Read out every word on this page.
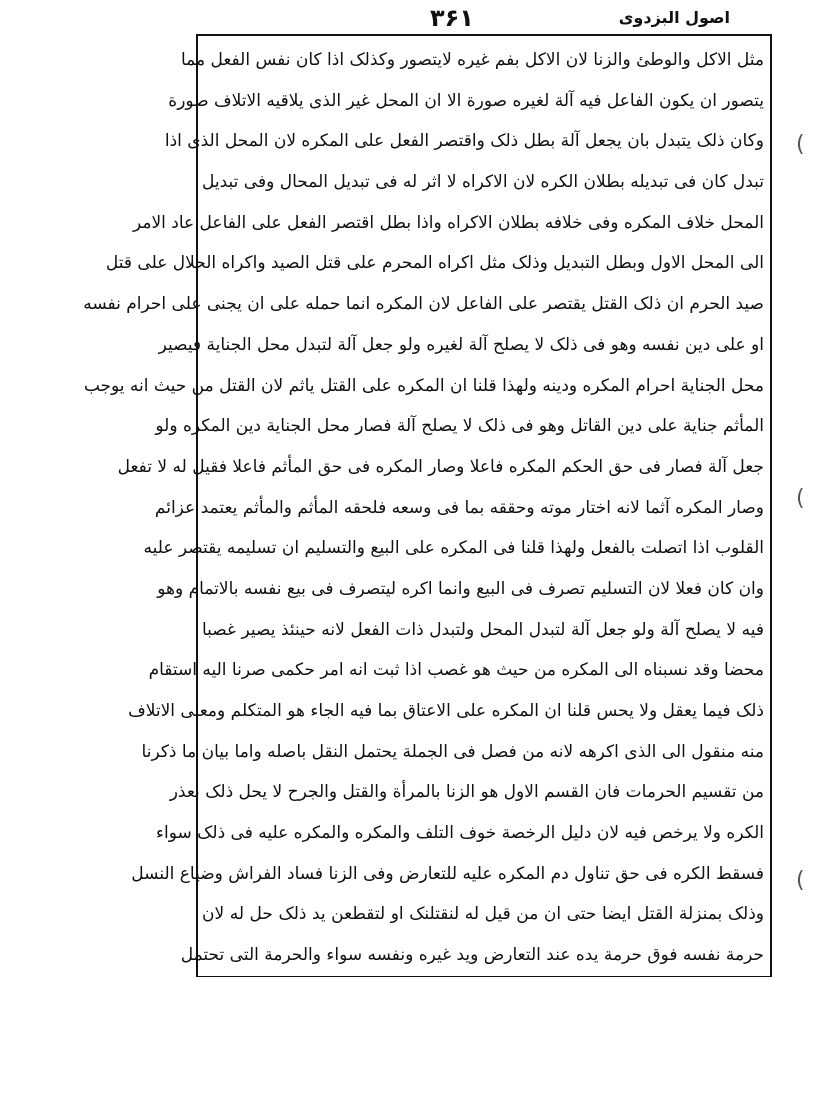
اصول البزدوی
۳۶۱
مثل الاکل والوطئ والزنا لان الاکل بفم غیره لایتصور وکذلک اذا کان نفس الفعل مما
یتصور ان یکون الفاعل فیه آلة لغیره صورة الا ان المحل غیر الذی یلاقیه الاتلاف صورة
وکان ذلک یتبدل بان یجعل آلة بطل ذلک واقتصر الفعل علی المکره لان المحل الذی اذا
تبدل کان فی تبدیله بطلان الکره لان الاکراه لا اثر له فی تبدیل المحال وفی تبدیل
المحل خلاف المکره وفی خلافه بطلان الاکراه واذا بطل اقتصر الفعل علی الفاعل عاد الامر
الی المحل الاول وبطل التبدیل وذلک مثل اکراه المحرم علی قتل الصید واکراه الحلال علی قتل
صید الحرم ان ذلک القتل یقتصر علی الفاعل لان المکره انما حمله علی ان یجنی علی احرام نفسه
او علی دین نفسه وهو فی ذلک لا یصلح آلة لغیره ولو جعل آلة لتبدل محل الجنایة فیصیر
محل الجنایة احرام المکره ودینه ولهذا قلنا ان المکره علی القتل یاثم لان القتل من حیث انه یوجب
المأثم جنایة علی دین القاتل وهو فی ذلک لا یصلح آلة فصار محل الجنایة دین المکره ولو
جعل آلة فصار فی حق الحکم المکره فاعلا وصار المکره فی حق المأثم فاعلا فقیل له لا تفعل
وصار المکره آثما لانه اختار موته وحققه بما فی وسعه فلحقه المأثم والمأثم یعتمد عزائم
القلوب اذا اتصلت بالفعل ولهذا قلنا فی المکره علی البیع والتسلیم ان تسلیمه یقتصر علیه
وان کان فعلا لان التسلیم تصرف فی البیع وانما اکره لیتصرف فی بیع نفسه بالاتمام وهو
فیه لا یصلح آلة ولو جعل آلة لتبدل المحل ولتبدل ذات الفعل لانه حینئذ یصیر غصبا
محضا وقد نسبناه الی المکره من حیث هو غصب اذا ثبت انه امر حکمی صرنا الیه استقام
ذلک فیما یعقل ولا یحس قلنا ان المکره علی الاعتاق بما فیه الجاء هو المتکلم ومعنی الاتلاف
منه منقول الی الذی اکرهه لانه من فصل فی الجملة یحتمل النقل باصله واما بیان ما ذکرنا
من تقسیم الحرمات فان القسم الاول هو الزنا بالمرأة والقتل والجرح لا یحل ذلک بعذر
الکره ولا یرخص فیه لان دلیل الرخصة خوف التلف والمکره والمکره علیه فی ذلک سواء
فسقط الکره فی حق تناول دم المکره علیه للتعارض وفی الزنا فساد الفراش وضیاع النسل
وذلک بمنزلة القتل ایضا حتی ان من قیل له لنقتلنک او لتقطعن ید ذلک حل له لان
حرمة نفسه فوق حرمة یده عند التعارض وید غیره ونفسه سواء والحرمة التی تحتمل
(
(
(
